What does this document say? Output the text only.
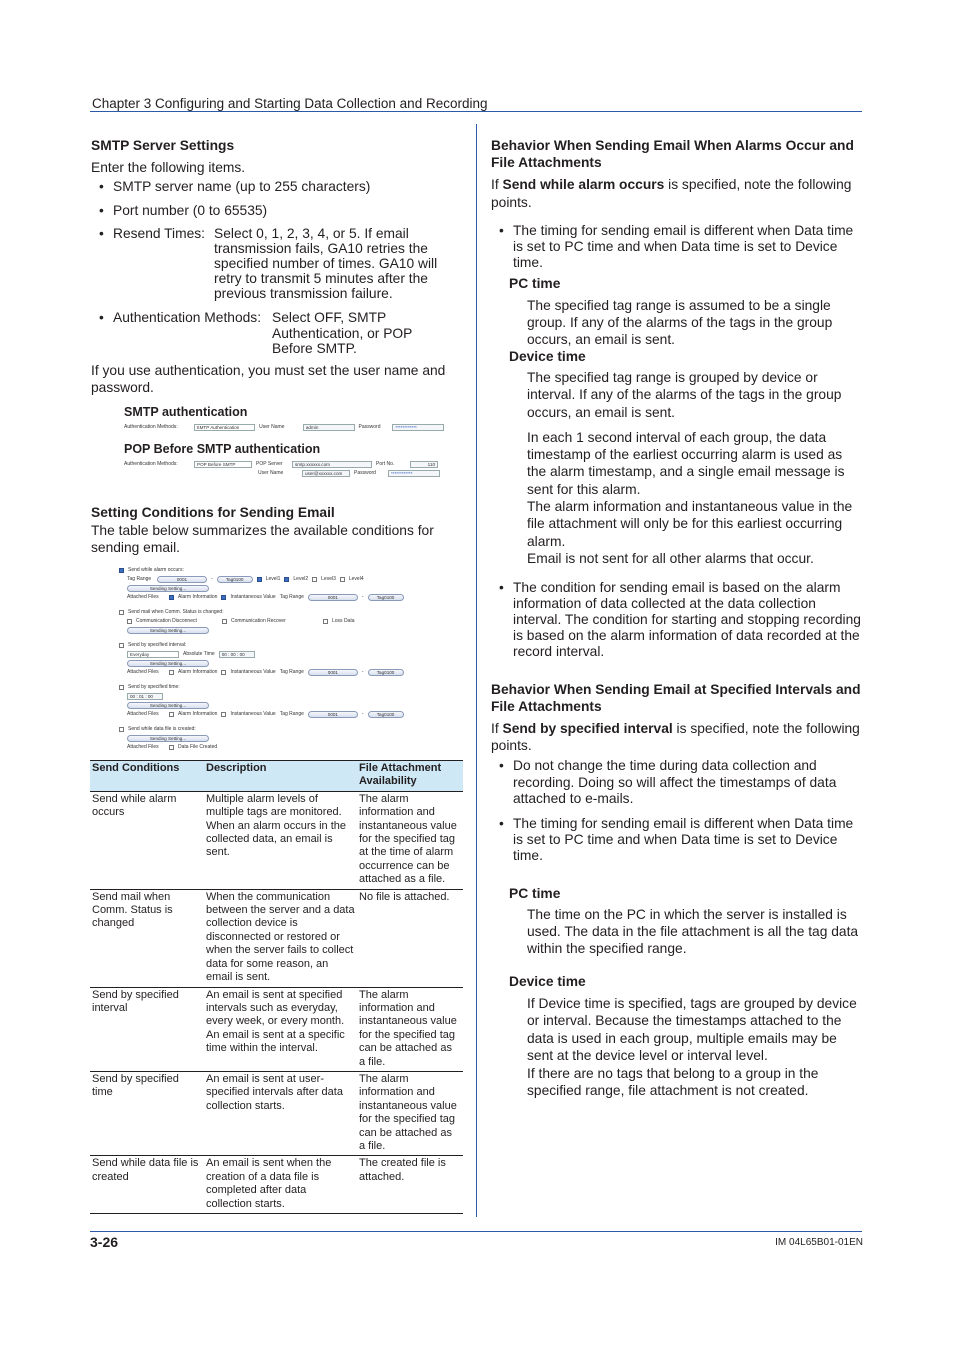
Chapter 3 Configuring and Starting Data Collection and Recording
3-26	IM 04L65B01-01EN
SMTP Server Settings

Enter the following items.

• SMTP server name (up to 255 characters)
• Port number (0 to 65535)
• Resend Times: Select 0, 1, 2, 3, 4, or 5. If email transmission fails, GA10 retries the specified number of times. GA10 will retry to transmit 5 minutes after the previous transmission failure.
• Authentication Methods: Select OFF, SMTP Authentication, or POP Before SMTP.

If you use authentication, you must set the user name and password.

SMTP authentication
Authentication Methods:	SMTP Authentication	User Name	admin	Password	************
POP Before SMTP authentication
Authentication Methods:	POP Before SMTP	POP Server	smtp.xxxxxx.com	Port No.	110
User Name	user@xxxxxx.com	Password	************
Setting Conditions for Sending Email

The table below summarizes the available conditions for sending email.

Send while alarm occurs:
Tag Range	0001	-	Tag0100	Level1	Level2	Level3	Level4
Sending Setting...
Attached Files	Alarm Information	Instantaneous Value Tag Range	0001	-	Tag0100
Send mail when Comm. Status is changed:
Communication Disconnect	Communication Recover	Loss Data
Sending Setting...
Send by specified interval:
Everyday	Absolute Time	00 : 00 : 00
Sending Setting...
Attached Files	Alarm Information	Instantaneous Value Tag Range	0001	-	Tag0100
Send by specified time:
00 : 01 : 00
Sending Setting...
Attached Files	Alarm Information	Instantaneous Value Tag Range	0001	-	Tag0100
Send while data file is created:
Sending Setting...
Attached Files	Data File Created
Send Conditions	Description	File Attachment Availability
Send while alarm occurs	Multiple alarm levels of multiple tags are monitored. When an alarm occurs in the collected data, an email is sent.	The alarm information and instantaneous value for the specified tag at the time of alarm occurrence can be attached as a file.
Send mail when Comm. Status is changed	When the communication between the server and a data collection device is disconnected or restored or when the server fails to collect data for some reason, an email is sent.	No file is attached.
Send by specified interval	An email is sent at specified intervals such as everyday, every week, or every month. An email is sent at a specific time within the interval.	The alarm information and instantaneous value for the specified tag can be attached as a file.
Send by specified time	An email is sent at user-specified intervals after data collection starts.	The alarm information and instantaneous value for the specified tag can be attached as a file.
Send while data file is created	An email is sent when the creation of a data file is completed after data collection starts.	The created file is attached.
Behavior When Sending Email When Alarms Occur and File Attachments

If Send while alarm occurs is specified, note the following points.

• The timing for sending email is different when Data time is set to PC time and when Data time is set to Device time.

PC time

The specified tag range is assumed to be a single group. If any of the alarms of the tags in the group occurs, an email is sent.

Device time

The specified tag range is grouped by device or interval. If any of the alarms of the tags in the group occurs, an email is sent.

In each 1 second interval of each group, the data timestamp of the earliest occurring alarm is used as the alarm timestamp, and a single email message is sent for this alarm.

The alarm information and instantaneous value in the file attachment will only be for this earliest occurring alarm.

Email is not sent for all other alarms that occur.

• The condition for sending email is based on the alarm information of data collected at the data collection interval. The condition for starting and stopping recording is based on the alarm information of data recorded at the record interval.
Behavior When Sending Email at Specified Intervals and File Attachments

If Send by specified interval is specified, note the following points.

• Do not change the time during data collection and recording. Doing so will affect the timestamps of data attached to e-mails.
• The timing for sending email is different when Data time is set to PC time and when Data time is set to Device time.

PC time

The time on the PC in which the server is installed is used. The data in the file attachment is all the tag data within the specified range.

Device time

If Device time is specified, tags are grouped by device or interval. Because the timestamps attached to the data is used in each group, multiple emails may be sent at the device level or interval level.

If there are no tags that belong to a group in the specified range, file attachment is not created.
